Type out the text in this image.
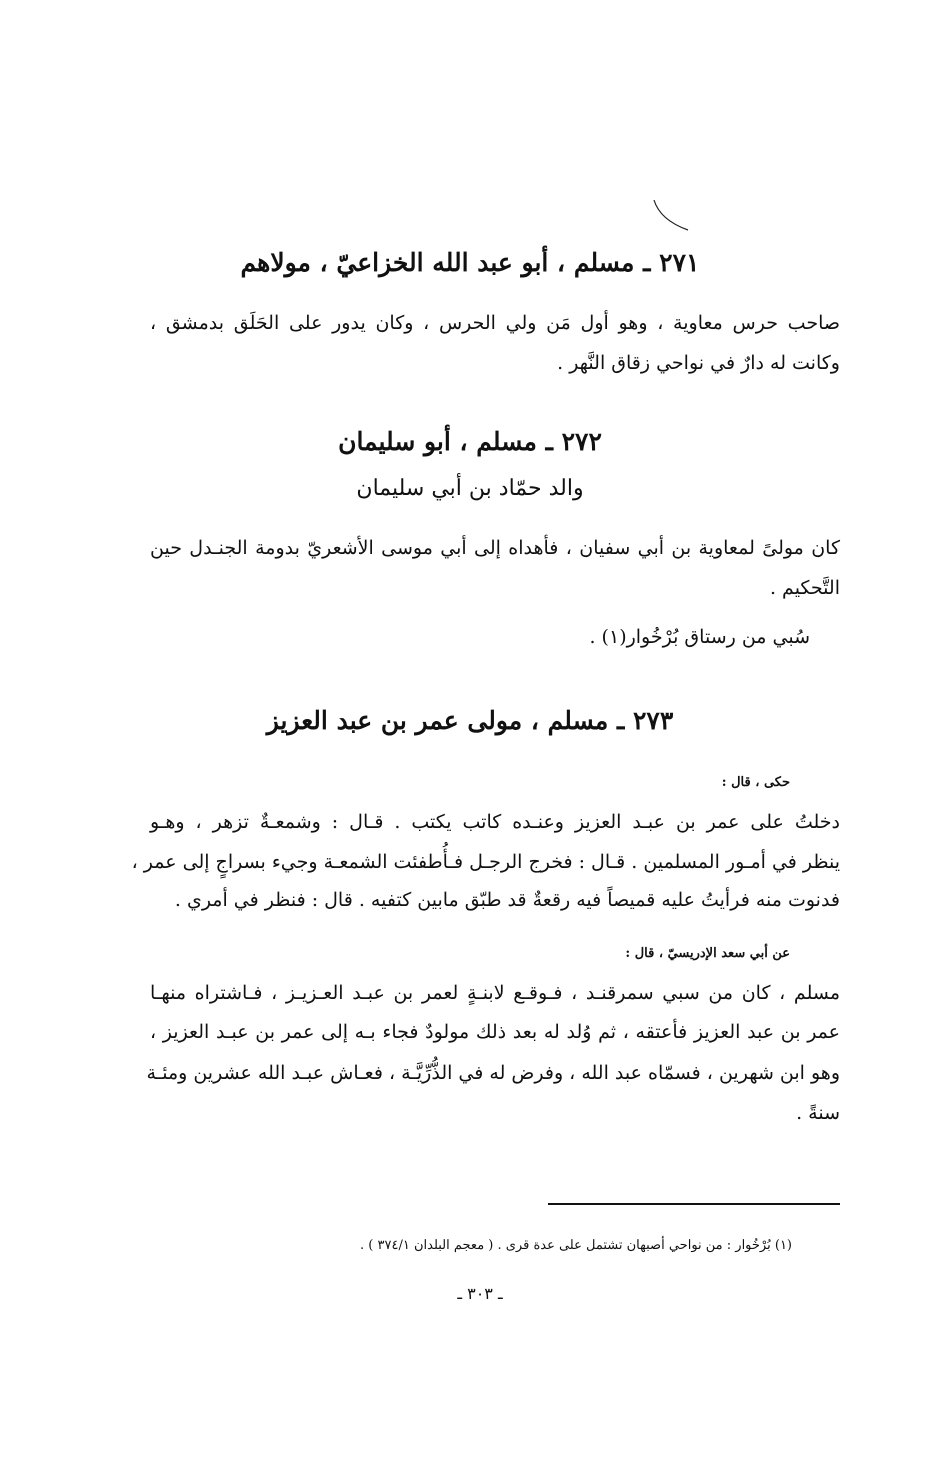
٢٧١ ـ مسلم ، أبو عبد الله الخزاعيّ ، مولاهم
صاحب حرس معاوية ، وهو أول مَن ولي الحرس ، وكان يدور على الحَلَق بدمشق ،
وكانت له دارٌ في نواحي زقاق النَّهر .
٢٧٢ ـ مسلم ، أبو سليمان
والد حمّاد بن أبي سليمان
كان مولىً لمعاوية بن أبي سفيان ، فأهداه إلى أبي موسى الأشعريّ بدومة الجنـدل حين
التَّحكيم .
سُبي من رستاق بُرْخُوار(١) .
٢٧٣ ـ مسلم ، مولى عمر بن عبد العزيز
حكى ، قال :
دخلتُ على عمر بن عبـد العزيز وعنـده كاتب يكتب . قـال : وشمعـةٌ تزهر ، وهـو
ينظر في أمـور المسلمين . قـال : فخرج الرجـل فـأُطفئت الشمعـة وجيء بسراجٍ إلى عمر ،
فدنوت منه فرأيتُ عليه قميصاً فيه رقعةٌ قد طبّق مابين كتفيه . قال : فنظر في أمري .
عن أبي سعد الإدريسيّ ، قال :
مسلم ، كان من سبي سمرقنـد ، فـوقـع لابنـةٍ لعمر بن عبـد العـزيـز ، فـاشتراه منهـا
عمر بن عبد العزيز فأعتقه ، ثم وُلد له بعد ذلك مولودٌ فجاء بـه إلى عمر بن عبـد العزيز ،
وهو ابن شهرين ، فسمّاه عبد الله ، وفرض له في الذُّرِّيَّـة ، فعـاش عبـد الله عشرين ومئـة
سنةً .
(١) بُرْخُوار : من نواحي أصبهان تشتمل على عدة قرى . ( معجم البلدان ٣٧٤/١ ) .
ـ ٣٠٣ ـ
